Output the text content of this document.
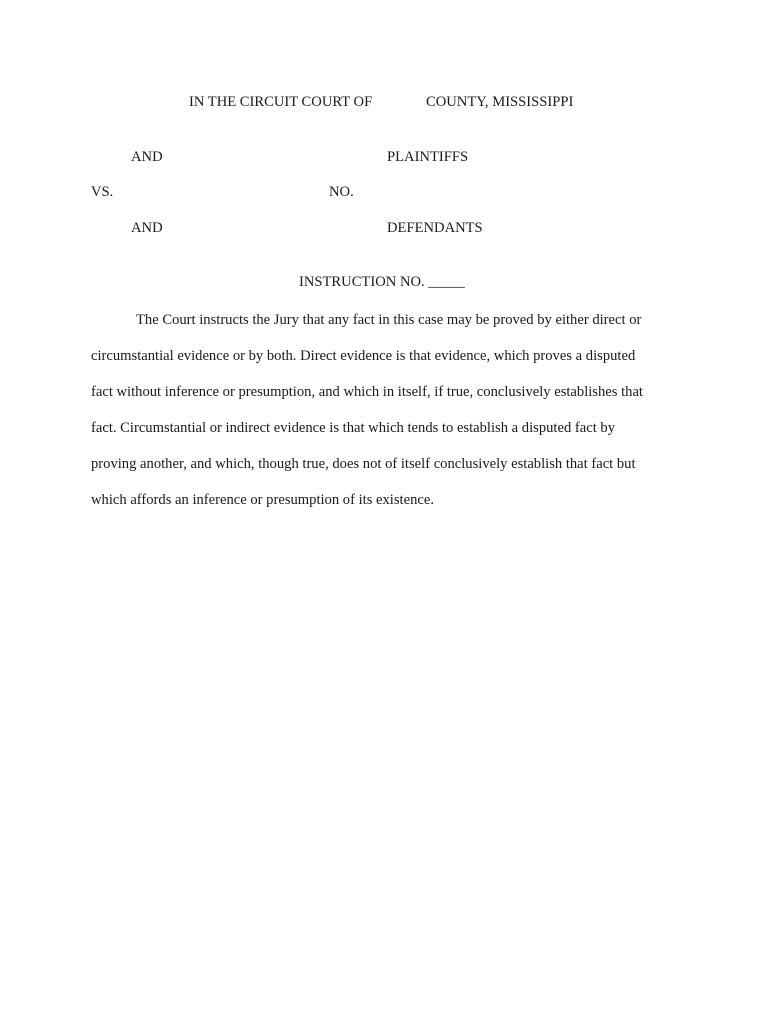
IN THE CIRCUIT COURT OF	COUNTY, MISSISSIPPI
AND	PLAINTIFFS
VS.	NO.
AND	DEFENDANTS
INSTRUCTION NO. _____
The Court instructs the Jury that any fact in this case may be proved by either direct or
circumstantial evidence or by both. Direct evidence is that evidence, which proves a disputed
fact without inference or presumption, and which in itself, if true, conclusively establishes that
fact. Circumstantial or indirect evidence is that which tends to establish a disputed fact by
proving another, and which, though true, does not of itself conclusively establish that fact but
which affords an inference or presumption of its existence.
